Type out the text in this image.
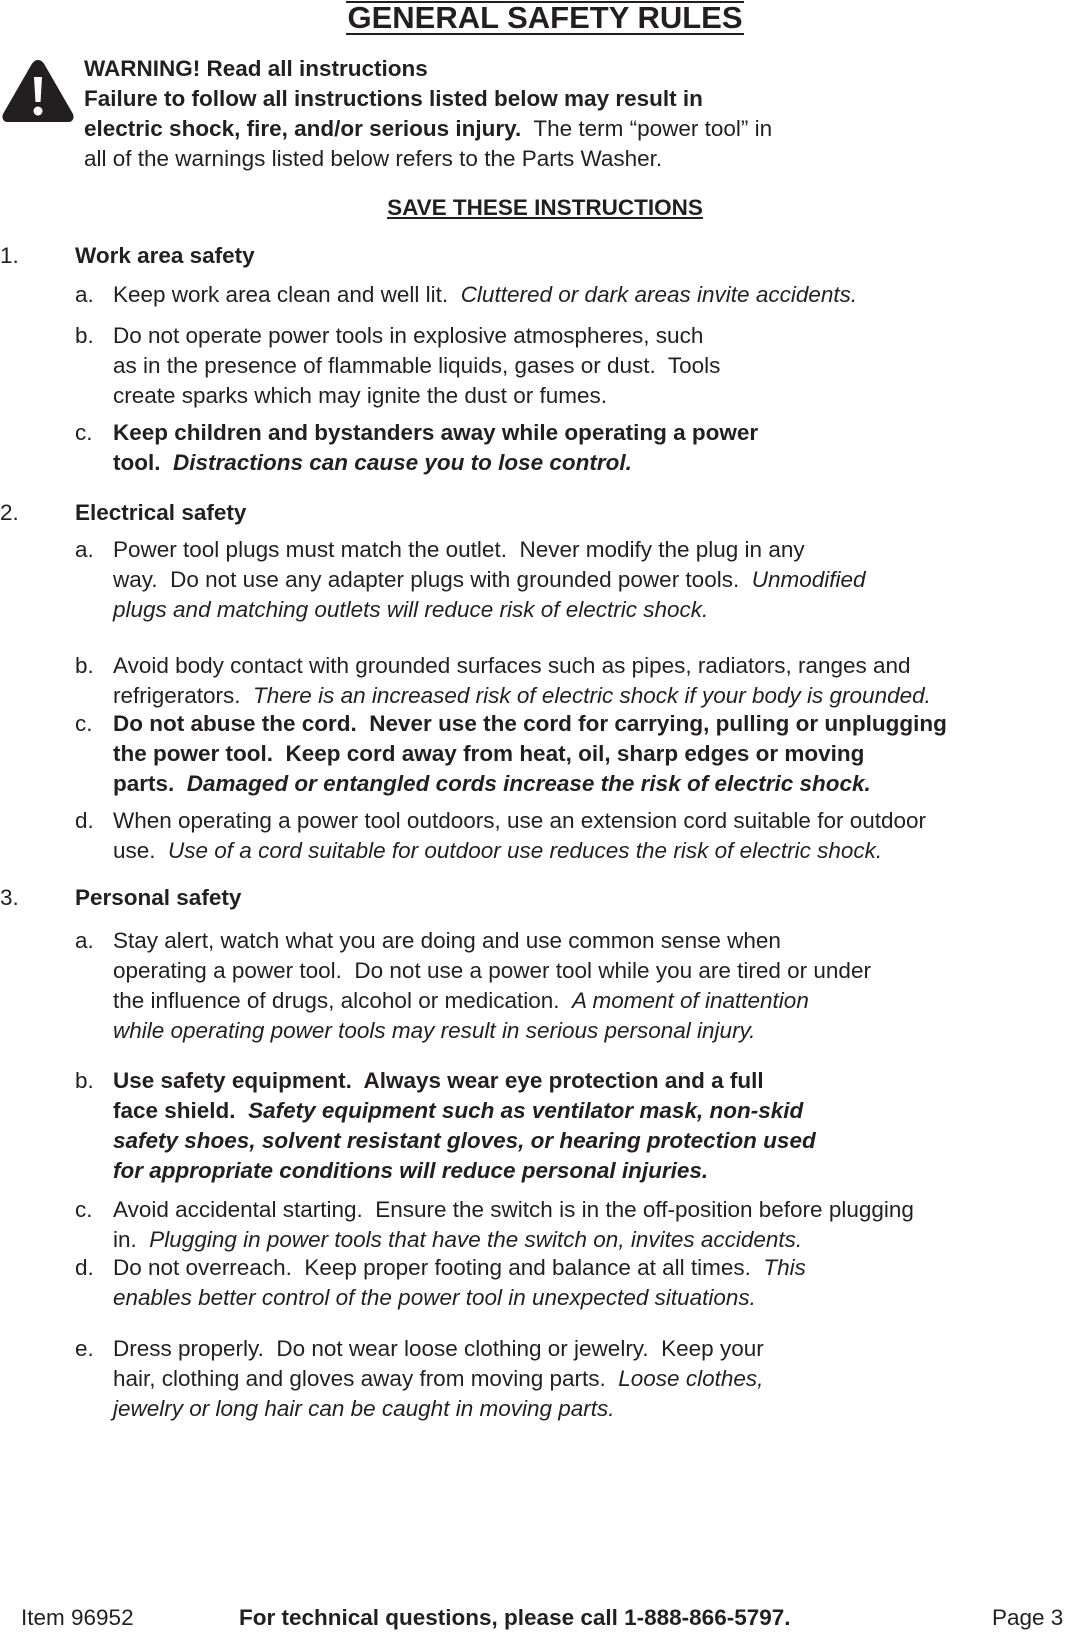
GENERAL SAFETY RULES
WARNING! Read all instructions
Failure to follow all instructions listed below may result in
electric shock, fire, and/or serious injury.  The term “power tool” in
all of the warnings listed below refers to the Parts Washer.
SAVE THESE INSTRUCTIONS
1. Work area safety
a. Keep work area clean and well lit.  Cluttered or dark areas invite accidents.
b. Do not operate power tools in explosive atmospheres, such
as in the presence of flammable liquids, gases or dust.  Tools
create sparks which may ignite the dust or fumes.
c. Keep children and bystanders away while operating a power
tool.  Distractions can cause you to lose control.
2. Electrical safety
a. Power tool plugs must match the outlet.  Never modify the plug in any
way.  Do not use any adapter plugs with grounded power tools.  Unmodified
plugs and matching outlets will reduce risk of electric shock.
b. Avoid body contact with grounded surfaces such as pipes, radiators, ranges and
refrigerators.  There is an increased risk of electric shock if your body is grounded.
c. Do not abuse the cord.  Never use the cord for carrying, pulling or unplugging
the power tool.  Keep cord away from heat, oil, sharp edges or moving
parts.  Damaged or entangled cords increase the risk of electric shock.
d. When operating a power tool outdoors, use an extension cord suitable for outdoor
use.  Use of a cord suitable for outdoor use reduces the risk of electric shock.
3. Personal safety
a. Stay alert, watch what you are doing and use common sense when
operating a power tool.  Do not use a power tool while you are tired or under
the influence of drugs, alcohol or medication.  A moment of inattention
while operating power tools may result in serious personal injury.
b. Use safety equipment.  Always wear eye protection and a full
face shield.  Safety equipment such as ventilator mask, non-skid
safety shoes, solvent resistant gloves, or hearing protection used
for appropriate conditions will reduce personal injuries.
c. Avoid accidental starting.  Ensure the switch is in the off-position before plugging
in.  Plugging in power tools that have the switch on, invites accidents.
d. Do not overreach.  Keep proper footing and balance at all times.  This
enables better control of the power tool in unexpected situations.
e. Dress properly.  Do not wear loose clothing or jewelry.  Keep your
hair, clothing and gloves away from moving parts.  Loose clothes,
jewelry or long hair can be caught in moving parts.
Item 96952	For technical questions, please call 1-888-866-5797.	Page 3
